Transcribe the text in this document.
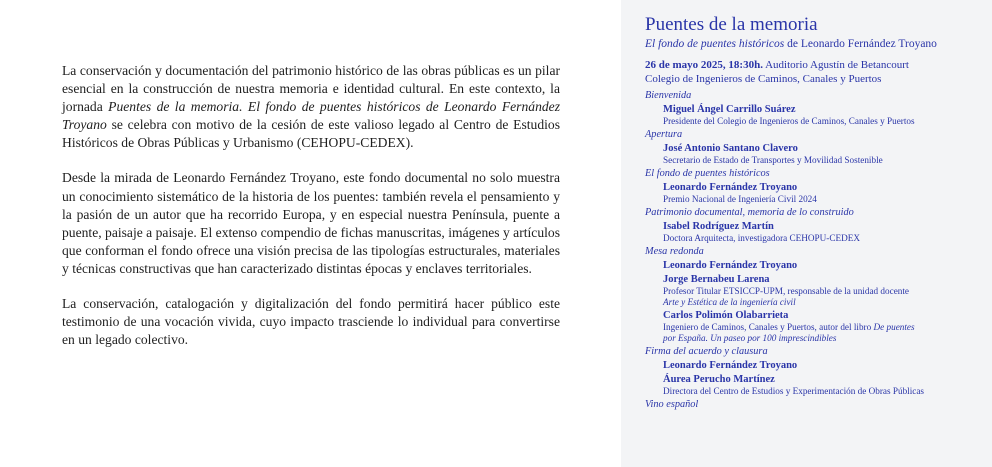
La conservación y documentación del patrimonio histórico de las obras públicas es un pilar esencial en la construcción de nuestra memoria e identidad cultural. En este contexto, la jornada Puentes de la memoria. El fondo de puentes históricos de Leonardo Fernández Troyano se celebra con motivo de la cesión de este valioso legado al Centro de Estudios Históricos de Obras Públicas y Urbanismo (CEHOPU-CEDEX).

Desde la mirada de Leonardo Fernández Troyano, este fondo documental no solo muestra un conocimiento sistemático de la historia de los puentes: también revela el pensamiento y la pasión de un autor que ha recorrido Europa, y en especial nuestra Península, puente a puente, paisaje a paisaje. El extenso compendio de fichas manuscritas, imágenes y artículos que conforman el fondo ofrece una visión precisa de las tipologías estructurales, materiales y técnicas constructivas que han caracterizado distintas épocas y enclaves territoriales.

La conservación, catalogación y digitalización del fondo permitirá hacer público este testimonio de una vocación vivida, cuyo impacto trasciende lo individual para convertirse en un legado colectivo.

Puentes de la memoria
El fondo de puentes históricos de Leonardo Fernández Troyano
26 de mayo 2025, 18:30h. Auditorio Agustín de Betancourt
Colegio de Ingenieros de Caminos, Canales y Puertos
Bienvenida
Miguel Ángel Carrillo Suárez
Presidente del Colegio de Ingenieros de Caminos, Canales y Puertos
Apertura
José Antonio Santano Clavero
Secretario de Estado de Transportes y Movilidad Sostenible
El fondo de puentes históricos
Leonardo Fernández Troyano
Premio Nacional de Ingeniería Civil 2024
Patrimonio documental, memoria de lo construido
Isabel Rodríguez Martín
Doctora Arquitecta, investigadora CEHOPU-CEDEX
Mesa redonda
Leonardo Fernández Troyano
Jorge Bernabeu Larena
Profesor Titular ETSICCP-UPM, responsable de la unidad docente
Arte y Estética de la ingeniería civil
Carlos Polimón Olabarrieta
Ingeniero de Caminos, Canales y Puertos, autor del libro De puentes
por España. Un paseo por 100 imprescindibles
Firma del acuerdo y clausura
Leonardo Fernández Troyano
Áurea Perucho Martínez
Directora del Centro de Estudios y Experimentación de Obras Públicas
Vino español
